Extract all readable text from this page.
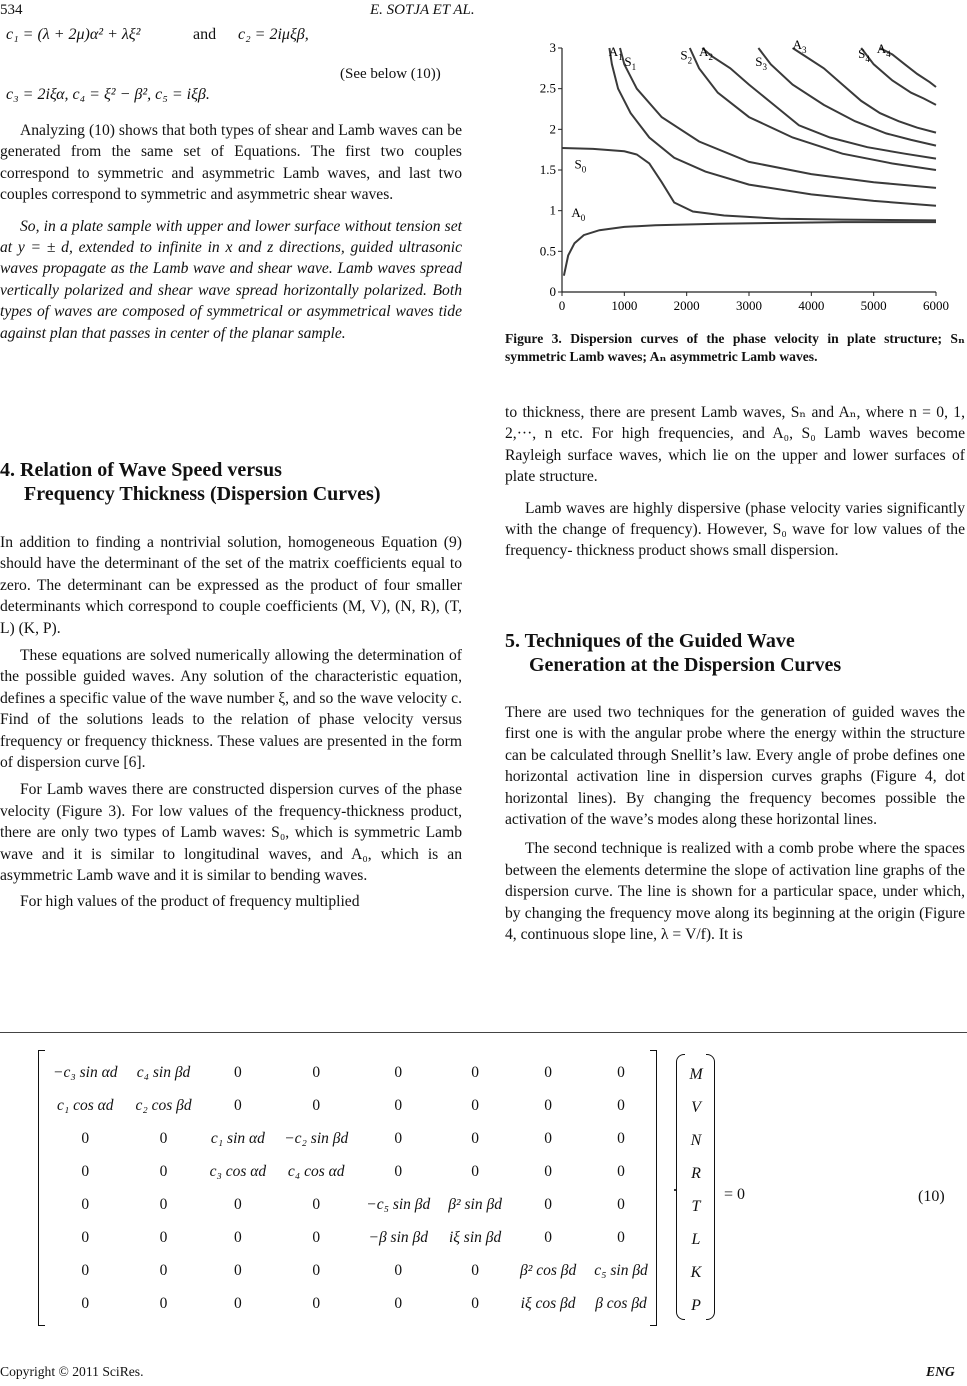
534	E. SOTJA ET AL.
c₁ = (λ + 2μ)α² + λξ²	and c₂ = 2iμξβ,
c₃ = 2iξα, c₄ = ξ² − β², c₅ = iξβ.
(See below (10))

Analyzing (10) shows that both types of shear and Lamb waves can be generated from the same set of Equations. The first two couples correspond to symmetric and asymmetric Lamb waves, and last two couples correspond to symmetric and asymmetric shear waves.

So, in a plate sample with upper and lower surface without tension set at y = ± d, extended to infinite in x and z directions, guided ultrasonic waves propagate as the Lamb wave and shear wave. Lamb waves spread vertically polarized and shear wave spread horizontally polarized. Both types of waves are composed of symmetrical or asymmetrical waves tide against plan that passes in center of the planar sample.

4. Relation of Wave Speed versus
Frequency Thickness (Dispersion Curves)

In addition to finding a nontrivial solution, homogeneous Equation (9) should have the determinant of the set of the matrix coefficients equal to zero. The determinant can be expressed as the product of four smaller determinants which correspond to couple coefficients (M, V), (N, R), (T, L) (K, P).

These equations are solved numerically allowing the determination of the possible guided waves. Any solution of the characteristic equation, defines a specific value of the wave number ξ, and so the wave velocity c. Find of the solutions leads to the relation of phase velocity versus frequency or frequency thickness. These values are presented in the form of dispersion curve [6].

For Lamb waves there are constructed dispersion curves of the phase velocity (Figure 3). For low values of the frequency-thickness product, there are only two types of Lamb waves: S₀, which is symmetric Lamb wave and it is similar to longitudinal waves, and A₀, which is an asymmetric Lamb wave and it is similar to bending waves.

For high values of the product of frequency multiplied

0
0.5
1
1.5
2
2.5
3
0	1000	2000	3000	4000	5000	6000
$A_1$ $S_1$
$S_2$
$A_2$	$S_3$
$A_3$	$S_4$
$A_4$
$S_0$
$A_0$
Figure 3. Dispersion curves of the phase velocity in plate structure; Sₙ symmetric Lamb waves; Aₙ asymmetric Lamb waves.

to thickness, there are present Lamb waves, Sₙ and Aₙ, where n = 0, 1, 2,···, n etc. For high frequencies, and A₀, S₀ Lamb waves become Rayleigh surface waves, which lie on the upper and lower surfaces of plate structure.

Lamb waves are highly dispersive (phase velocity varies significantly with the change of frequency). However, S₀ wave for low values of the frequency- thickness product shows small dispersion.

5. Techniques of the Guided Wave
Generation at the Dispersion Curves

There are used two techniques for the generation of guided waves the first one is with the angular probe where the energy within the structure can be calculated through Snellit’s law. Every angle of probe defines one horizontal activation line in dispersion curves graphs (Figure 4, dot horizontal lines). By changing the frequency becomes possible the activation of the wave’s modes along these horizontal lines.

The second technique is realized with a comb probe where the spaces between the elements determine the slope of activation line graphs of the dispersion curve. The line is shown for a particular space, under which, by changing the frequency move along its beginning at the origin (Figure 4, continuous slope line, λ = V/f). It is

−c₃ sin αd	c₄ sin βd	0	0	0	0	0	0
c₁ cos αd	c₂ cos βd	0	0	0	0	0	0
0	0	c₁ sin αd	−c₂ sin βd	0	0	0	0
0	0	c₃ cos αd	c₄ cos αd	0	0	0	0
0	0	0	0	−c₅ sin βd	β² sin βd	0	0
0	0	0	0	−β sin βd	iξ sin βd	0	0
0	0	0	0	0	0	β² cos βd	c₅ sin βd
0	0	0	0	0	0	iξ cos βd	β cos βd
·
M
V
N
R
T
L
K
P
= 0	(10)
Copyright © 2011 SciRes.	ENG
